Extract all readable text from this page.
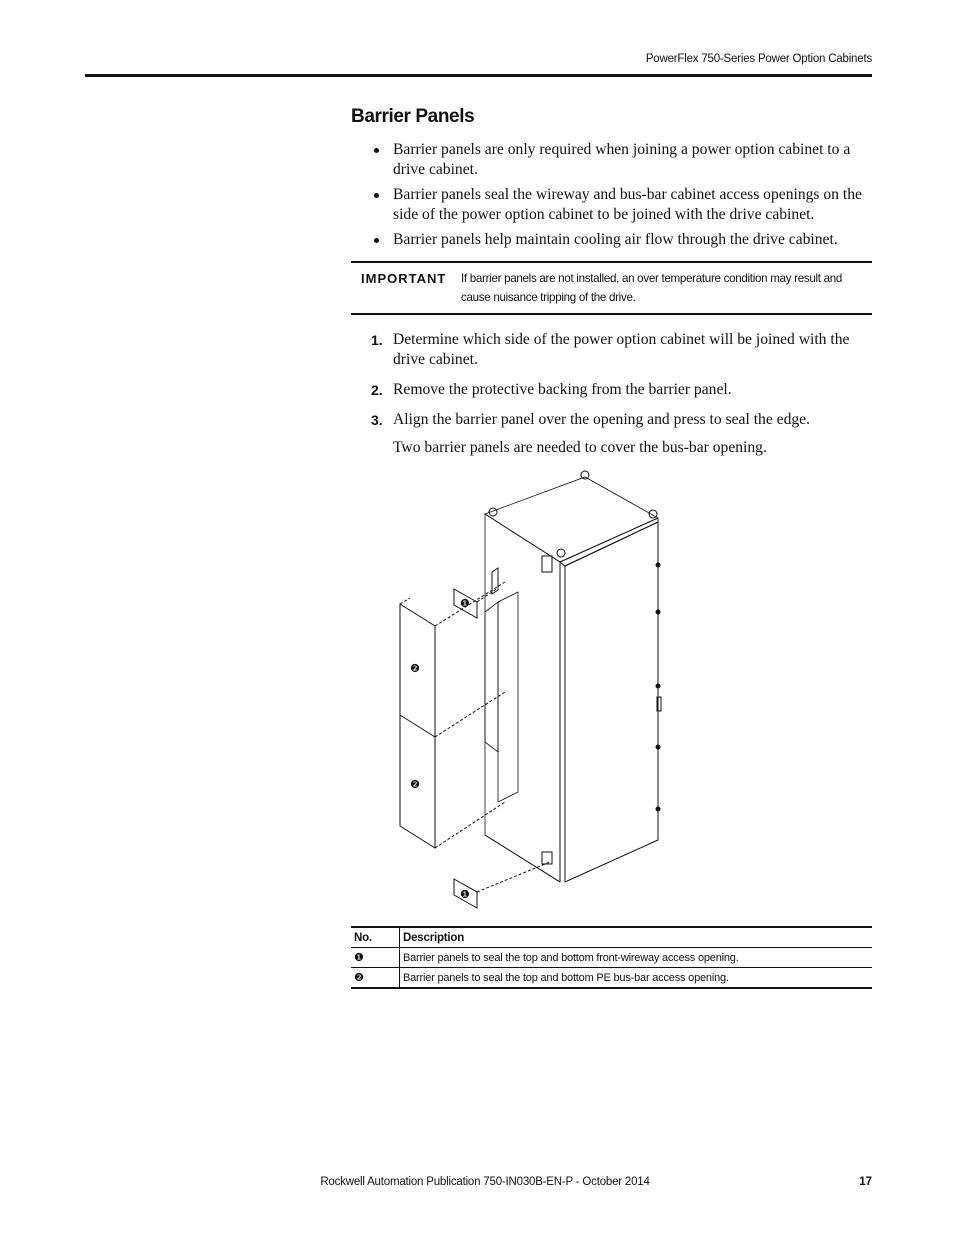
PowerFlex 750-Series Power Option Cabinets
Barrier Panels
Barrier panels are only required when joining a power option cabinet to a drive cabinet.
Barrier panels seal the wireway and bus-bar cabinet access openings on the side of the power option cabinet to be joined with the drive cabinet.
Barrier panels help maintain cooling air flow through the drive cabinet.
IMPORTANT If barrier panels are not installed, an over temperature condition may result and cause nuisance tripping of the drive.
1. Determine which side of the power option cabinet will be joined with the drive cabinet.
2. Remove the protective backing from the barrier panel.
3. Align the barrier panel over the opening and press to seal the edge.
Two barrier panels are needed to cover the bus-bar opening.
❶
❷
❷
❶
No.	Description
❶	Barrier panels to seal the top and bottom front-wireway access opening.
❷	Barrier panels to seal the top and bottom PE bus-bar access opening.
Rockwell Automation Publication 750-IN030B-EN-P - October 2014	17
